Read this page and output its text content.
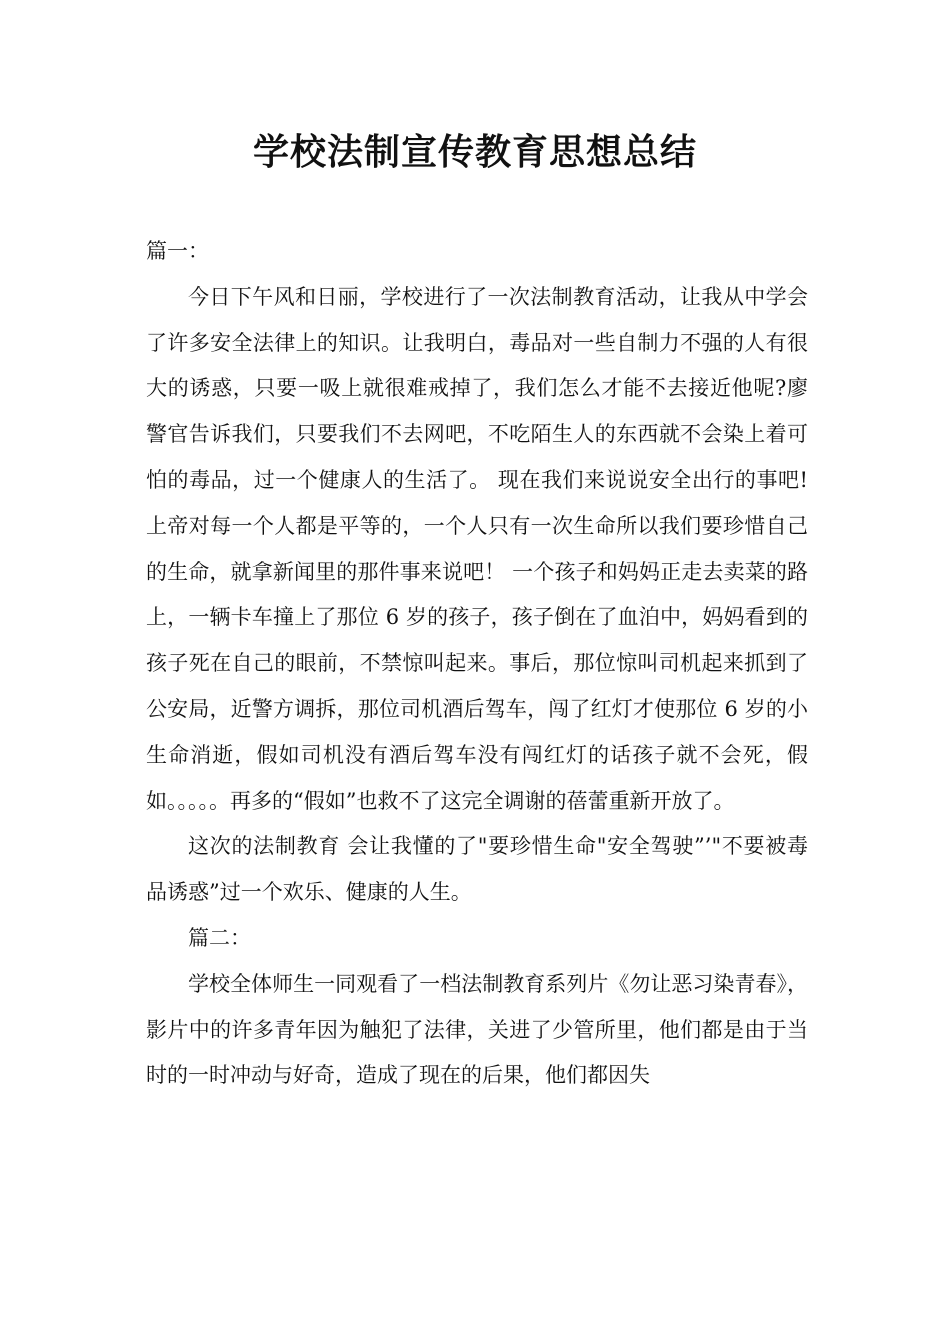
学校法制宣传教育思想总结

篇一：

今日下午风和日丽，学校进行了一次法制教育活动，让我从中学会了许多安全法律上的知识。让我明白，毒品对一些自制力不强的人有很大的诱惑，只要一吸上就很难戒掉了，我们怎么才能不去接近他呢?廖警官告诉我们，只要我们不去网吧，不吃陌生人的东西就不会染上着可怕的毒品，过一个健康人的生活了。 现在我们来说说安全出行的事吧!上帝对每一个人都是平等的，一个人只有一次生命所以我们要珍惜自己的生命，就拿新闻里的那件事来说吧！ 一个孩子和妈妈正走去卖菜的路上，一辆卡车撞上了那位 6 岁的孩子，孩子倒在了血泊中，妈妈看到的孩子死在自己的眼前，不禁惊叫起来。事后，那位惊叫司机起来抓到了公安局，近警方调拆，那位司机酒后驾车，闯了红灯才使那位 6 岁的小生命消逝，假如司机没有酒后驾车没有闯红灯的话孩子就不会死，假如。。。。。再多的“假如”也救不了这完全调谢的蓓蕾重新开放了。

这次的法制教育 会让我懂的了"要珍惜生命"安全驾驶”’"不要被毒品诱惑”过一个欢乐、健康的人生。

篇二：

学校全体师生一同观看了一档法制教育系列片《勿让恶习染青春》，影片中的许多青年因为触犯了法律，关进了少管所里，他们都是由于当时的一时冲动与好奇，造成了现在的后果，他们都因失
